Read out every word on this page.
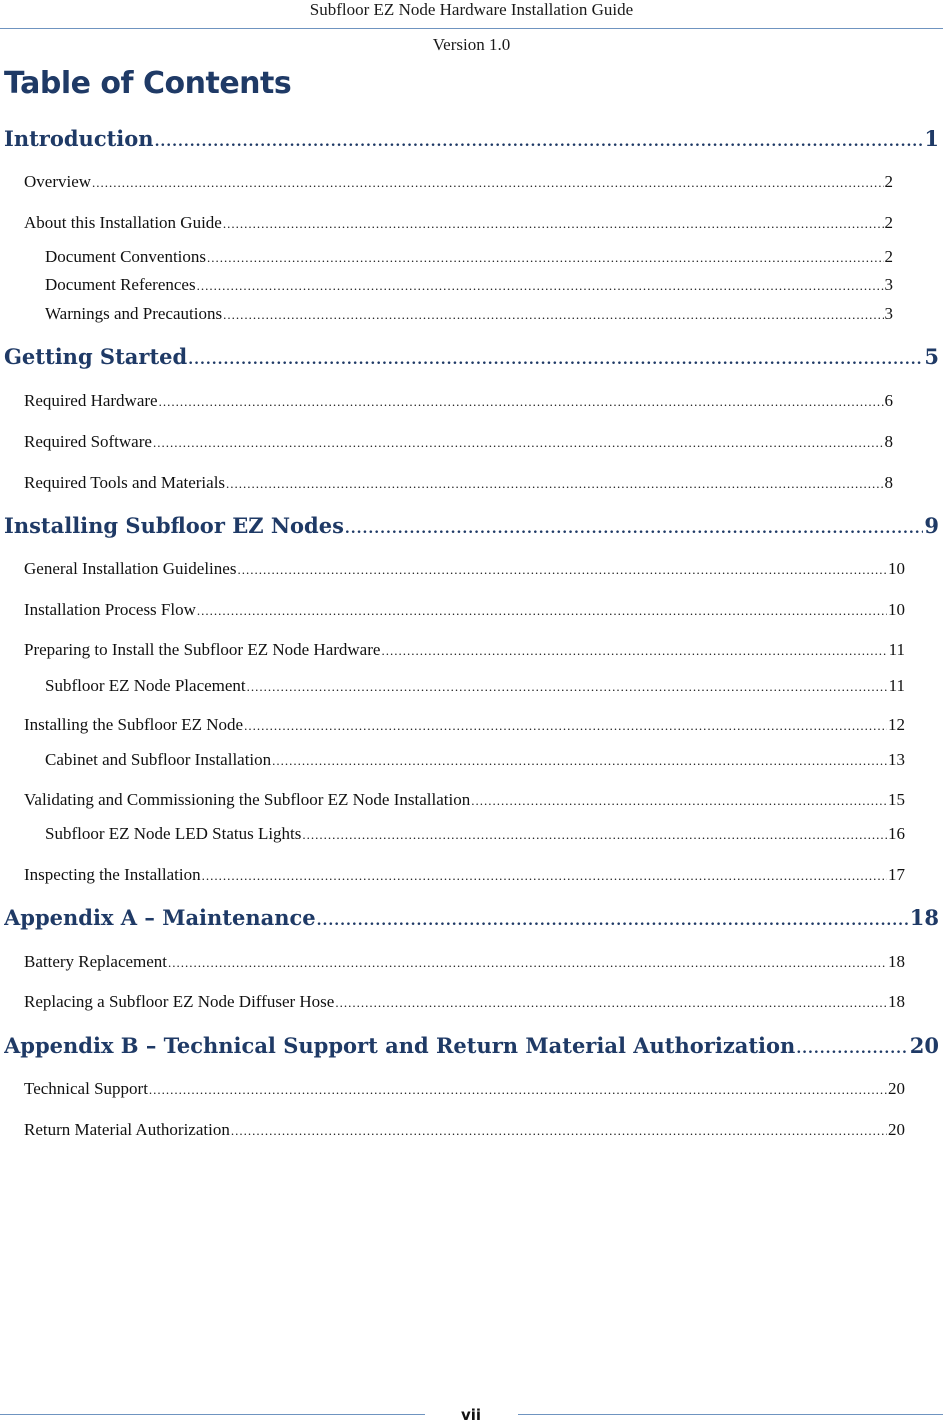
Subfloor EZ Node Hardware Installation Guide
Version 1.0
Table of Contents
Introduction .....	1
Overview .....	2
About this Installation Guide .....	2
Document Conventions .....	2
Document References .....	3
Warnings and Precautions .....	3
Getting Started .....	5
Required Hardware .....	6
Required Software .....	8
Required Tools and Materials .....	8
Installing Subfloor EZ Nodes .....	9
General Installation Guidelines .....	10
Installation Process Flow .....	10
Preparing to Install the Subfloor EZ Node Hardware .....	11
Subfloor EZ Node Placement .....	11
Installing the Subfloor EZ Node .....	12
Cabinet and Subfloor Installation .....	13
Validating and Commissioning the Subfloor EZ Node Installation .....	15
Subfloor EZ Node LED Status Lights .....	16
Inspecting the Installation .....	17
Appendix A – Maintenance .....	18
Battery Replacement .....	18
Replacing a Subfloor EZ Node Diffuser Hose .....	18
Appendix B – Technical Support and Return Material Authorization .....	20
Technical Support .....	20
Return Material Authorization .....	20
vii
